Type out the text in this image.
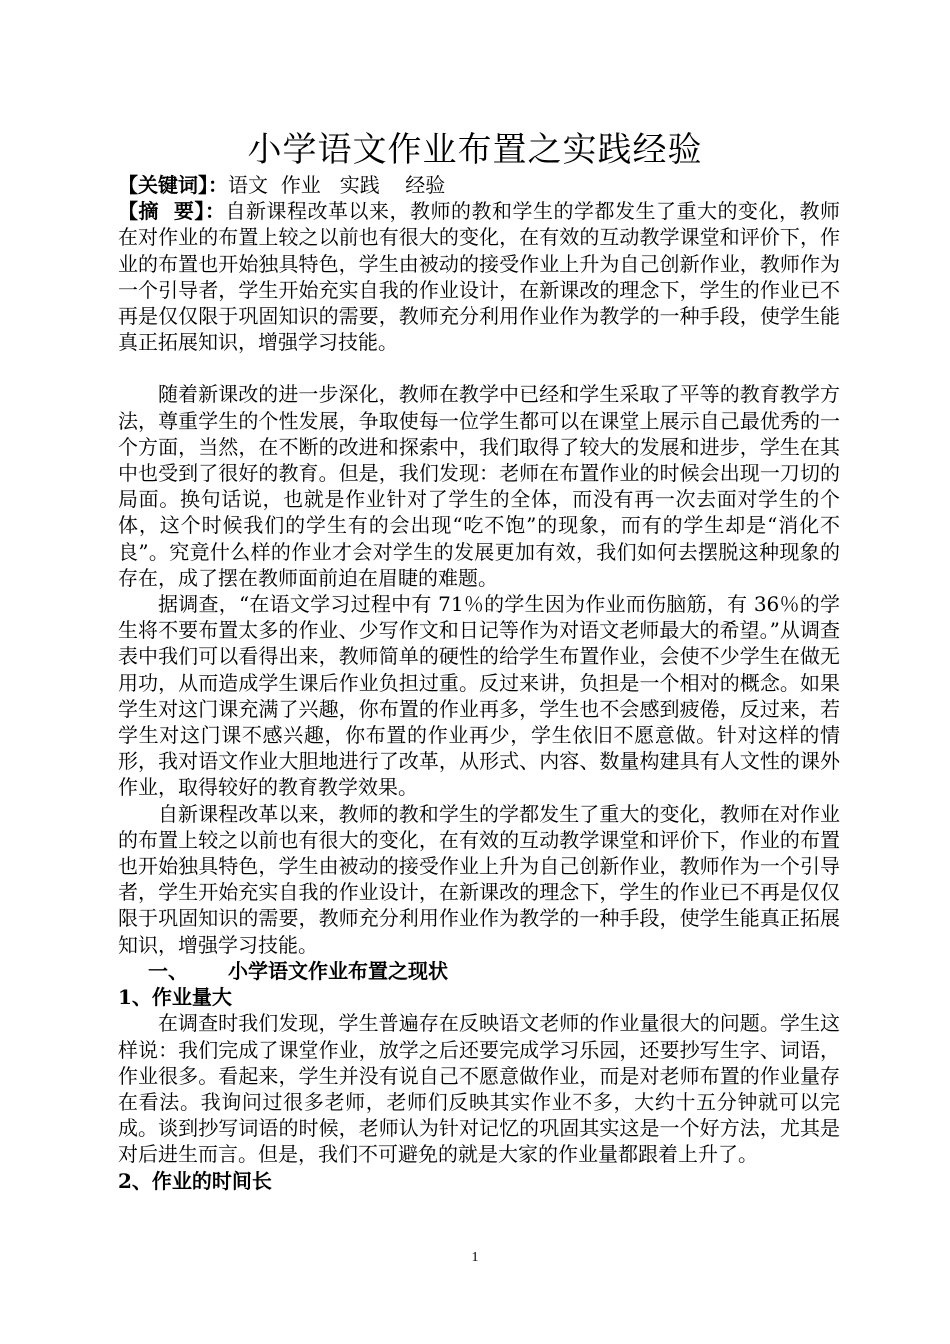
小学语文作业布置之实践经验

【关键词】：语文  作业   实践    经验

【摘  要】：自新课程改革以来，教师的教和学生的学都发生了重大的变化，教师在对作业的布置上较之以前也有很大的变化，在有效的互动教学课堂和评价下，作业的布置也开始独具特色，学生由被动的接受作业上升为自己创新作业，教师作为一个引导者，学生开始充实自我的作业设计，在新课改的理念下，学生的作业已不再是仅仅限于巩固知识的需要，教师充分利用作业作为教学的一种手段，使学生能真正拓展知识，增强学习技能。

随着新课改的进一步深化，教师在教学中已经和学生采取了平等的教育教学方法，尊重学生的个性发展，争取使每一位学生都可以在课堂上展示自己最优秀的一个方面，当然，在不断的改进和探索中，我们取得了较大的发展和进步，学生在其中也受到了很好的教育。但是，我们发现：老师在布置作业的时候会出现一刀切的局面。换句话说，也就是作业针对了学生的全体，而没有再一次去面对学生的个体，这个时候我们的学生有的会出现“吃不饱”的现象，而有的学生却是“消化不良”。究竟什么样的作业才会对学生的发展更加有效，我们如何去摆脱这种现象的存在，成了摆在教师面前迫在眉睫的难题。

据调查，“在语文学习过程中有 71％的学生因为作业而伤脑筋，有 36％的学生将不要布置太多的作业、少写作文和日记等作为对语文老师最大的希望。”从调查表中我们可以看得出来，教师简单的硬性的给学生布置作业，会使不少学生在做无用功，从而造成学生课后作业负担过重。反过来讲，负担是一个相对的概念。如果学生对这门课充满了兴趣，你布置的作业再多，学生也不会感到疲倦，反过来，若学生对这门课不感兴趣，你布置的作业再少，学生依旧不愿意做。针对这样的情形，我对语文作业大胆地进行了改革，从形式、内容、数量构建具有人文性的课外作业，取得较好的教育教学效果。

自新课程改革以来，教师的教和学生的学都发生了重大的变化，教师在对作业的布置上较之以前也有很大的变化，在有效的互动教学课堂和评价下，作业的布置也开始独具特色，学生由被动的接受作业上升为自己创新作业，教师作为一个引导者，学生开始充实自我的作业设计，在新课改的理念下，学生的作业已不再是仅仅限于巩固知识的需要，教师充分利用作业作为教学的一种手段，使学生能真正拓展知识，增强学习技能。

一、 小学语文作业布置之现状

1、作业量大

在调查时我们发现，学生普遍存在反映语文老师的作业量很大的问题。学生这样说：我们完成了课堂作业，放学之后还要完成学习乐园，还要抄写生字、词语，作业很多。看起来，学生并没有说自己不愿意做作业，而是对老师布置的作业量存在看法。我询问过很多老师，老师们反映其实作业不多，大约十五分钟就可以完成。谈到抄写词语的时候，老师认为针对记忆的巩固其实这是一个好方法，尤其是对后进生而言。但是，我们不可避免的就是大家的作业量都跟着上升了。

2、作业的时间长

1
